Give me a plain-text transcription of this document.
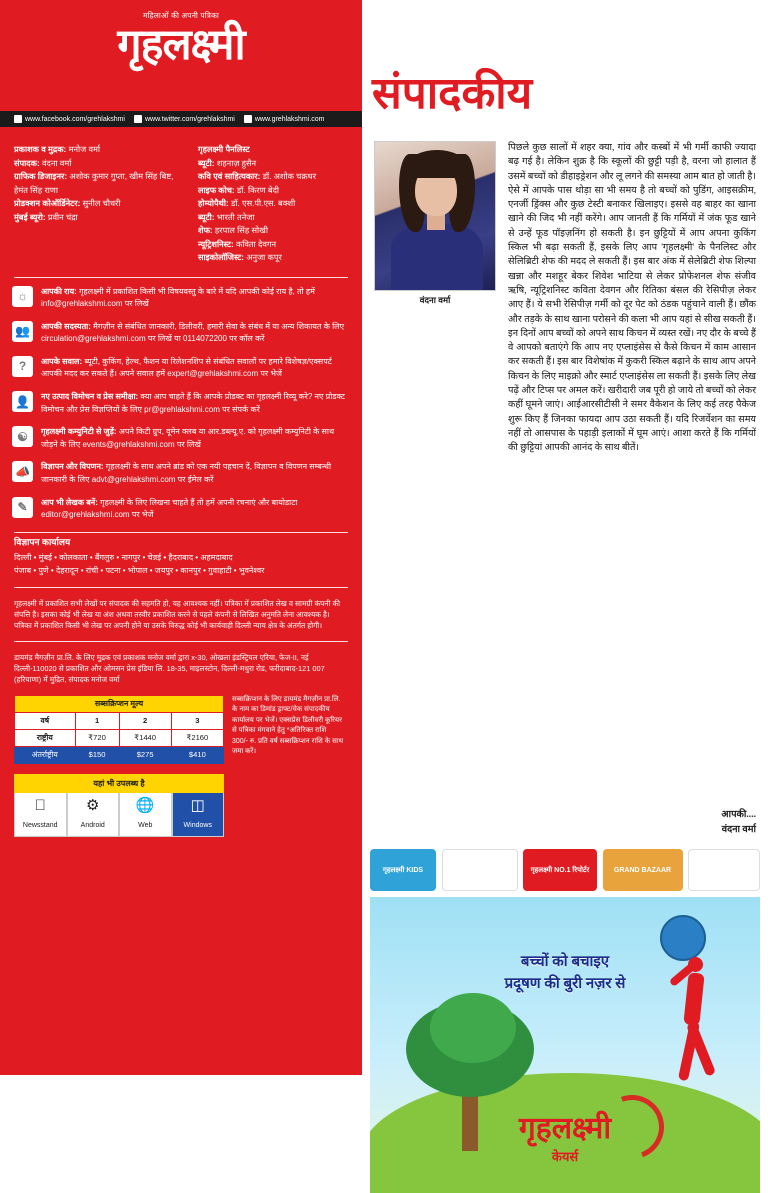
महिलाओं की अपनी पत्रिका
गृहलक्ष्मी
www.facebook.com/grehlakshmi	www.twitter.com/grehlakshmi	www.grehlakshmi.com
संपादकीय
प्रकाशक व मुद्रक: मनोज वर्मा
संपादक: वंदना वर्मा
ग्राफिक डिजाइनर: अशोक कुमार गुप्ता, खीम सिंह बिष्ट, हेमंत सिंह राणा
प्रोडक्शन कोऑर्डिनेटर: सुनील चौधरी
मुंबई ब्यूरो: प्रवीन चंद्रा
गृहलक्ष्मी पैनलिस्ट
ब्यूटी: शहनाज़ हुसैन
कवि एवं साहित्यकार: डॉ. अशोक चक्रधर
लाइफ कोच: डॉ. किरण बेदी
होम्योपैथी: डॉ. एस.पी.एस. बक्शी
ब्यूटी: भारती तनेजा
शेफ: हरपाल सिंह सोखी
न्यूट्रिशनिस्ट: कविता देवगन
साइकोलॉजिस्ट: अनुजा कपूर
☼	आपकी राय: गृहलक्ष्मी में प्रकाशित किसी भी विषयवस्तु के बारे में यदि आपकी कोई राय है, तो हमें info@grehlakshmi.com पर लिखें
👥	आपकी सदस्यता: मैगज़ीन से संबंधित जानकारी, डिलीवरी, हमारी सेवा के संबंध में या अन्य शिकायत के लिए circulation@grehlakshmi.com पर लिखें या 0114072200 पर कॉल करें
?	आपके सवाल: ब्यूटी, कुकिंग, हेल्थ, फैशन या रिलेशनशिप से संबंधित सवालों पर हमारे विशेषज्ञ/एक्सपर्ट आपकी मदद कर सकते हैं। अपने सवाल हमें expert@grehlakshmi.com पर भेजें
👤	नए उत्पाद विमोचन व प्रेस समीक्षा: क्या आप चाहते हैं कि आपके प्रोडक्ट का गृहलक्ष्मी रिव्यू करे? नए प्रोडक्ट विमोचन और प्रेस विज्ञप्तियों के लिए pr@grehlakshmi.com पर संपर्क करें
☯	गृहलक्ष्मी कम्युनिटी से जुड़ें: अपने किटी ग्रुप, वूमेन क्लब या आर.डब्ल्यू.ए. को गृहलक्ष्मी कम्युनिटी के साथ जोड़ने के लिए events@grehlakshmi.com पर लिखें
📣	विज्ञापन और विपणन: गृहलक्ष्मी के साथ अपने ब्रांड को एक नयी पहचान दें, विज्ञापन व विपणन सम्बन्धी जानकारी के लिए advt@grehlakshmi.com पर ईमेल करें
✎	आप भी लेखक बनें: गृहलक्ष्मी के लिए लिखना चाहते हैं तो हमें अपनी रचनाएं और बायोडाटा editor@grehlakshmi.com पर भेजें
विज्ञापन कार्यालय
दिल्ली • मुंबई • कोलकाता • बैंगलुरु • नागपुर • चेन्नई • हैदराबाद • अहमदाबाद
पंजाब • पुणे • देहरादून • रांची • पटना • भोपाल • जयपुर • कानपुर • गुवाहाटी • भुवनेश्वर
गृहलक्ष्मी में प्रकाशित सभी लेखों पर संपादक की सहमति हो, यह आवश्यक नहीं। पत्रिका में प्रकाशित लेख व सामग्री कंपनी की संपत्ति है। इसका कोई भी लेख या अंश अथवा तस्वीर प्रकाशित करने से पहले कंपनी से लिखित अनुमति लेना आवश्यक है। पत्रिका में प्रकाशित किसी भी लेख पर अपनी होने या उसके विरुद्ध कोई भी कार्यवाही दिल्ली न्याय क्षेत्र के अंतर्गत होगी।
डायमंड मैगज़ीन प्रा.लि. के लिए मुद्रक एवं प्रकाशक मनोज वर्मा द्वारा x-30, ओखला इंडस्ट्रियल एरिया, फेज-II, नई दिल्ली-110020 से प्रकाशित और ओमसन प्रेस इंडिया लि. 18-35, माइलस्टोन, दिल्ली-मथुरा रोड, फरीदाबाद-121 007 (हरियाणा) में मुद्रित, संपादक मनोज वर्मा
सब्सक्रिप्शन मूल्य			
वर्ष	1	2	3
राष्ट्रीय	₹720	₹1440	₹2160
अंतर्राष्ट्रीय	$150	$275	$410
सब्सक्रिप्शन के लिए डायमंड मैगज़ीन प्रा.लि. के नाम का डिमांड ड्राफ्ट/चेक संपादकीय कार्यालय पर भेजें। एक्सप्रेस डिलीवरी कूरियर से पत्रिका मंगवाने हेतु *अतिरिक्त राशि 300/- रु. प्रति वर्ष सब्सक्रिप्शन राशि के साथ जमा करें।
यहां भी उपलब्ध है
Newsstand	⚙
Android
🌐
Web
◫
Windows
वंदना वर्मा

पिछले कुछ सालों में शहर क्या, गांव और कस्बों में भी गर्मी काफी ज्यादा बढ़ गई है। लेकिन शुक्र है कि स्कूलों की छुट्टी पड़ी है, वरना जो हालात हैं उसमें बच्चों को डीहाइड्रेशन और लू लगने की समस्या आम बात हो जाती है। ऐसे में आपके पास थोड़ा सा भी समय है तो बच्चों को पुडिंग, आइसक्रीम, एनर्जी ड्रिंक्स और कुछ टेस्टी बनाकर खिलाइए। इससे वह बाहर का खाना खाने की जिद भी नहीं करेंगे। आप जानती हैं कि गर्मियों में जंक फूड खाने से उन्हें फूड पॉइज़निंग हो सकती है। इन छुट्टियों में आप अपना कुकिंग स्किल भी बढ़ा सकती हैं, इसके लिए आप 'गृहलक्ष्मी' के पैनलिस्ट और सेलिब्रिटी शेफ की मदद ले सकती हैं। इस बार अंक में सेलेब्रिटी शेफ शिल्पा खन्ना और मशहूर बेकर शिवेश भाटिया से लेकर प्रोफेशनल शेफ संजीव ऋषि, न्यूट्रिशनिस्ट कविता देवगन और रितिका बंसल की रेसिपीज़ लेकर आए हैं। ये सभी रेसिपीज़ गर्मी को दूर पेट को ठंडक पहुंचाने वाली हैं। छौंक और तड़के के साथ खाना परोसने की कला भी आप यहां से सीख सकती हैं। इन दिनों आप बच्चों को अपने साथ किचन में व्यस्त रखें। नए दौर के बच्चे हैं वे आपको बताएंगे कि आप नए एप्लाइंसेस से कैसे किचन में काम आसान कर सकती हैं। इस बार विशेषांक में कुकरी स्किल बढ़ाने के साथ आप अपने किचन के लिए माइक्रो और स्मार्ट एप्लाइंसेस ला सकती हैं। इसके लिए लेख पढ़ें और टिप्स पर अमल करें। खरीदारी जब पूरी हो जाये तो बच्चों को लेकर कहीं घूमने जाएं। आईआरसीटीसी ने समर वैकेशन के लिए कई तरह पैकेज शुरू किए हैं जिनका फायदा आप उठा सकती हैं। यदि रिजर्वेशन का समय नहीं तो आसपास के पहाड़ी इलाकों में घूम आएं। आशा करते हैं कि गर्मियों की छुट्टियां आपकी आनंद के साथ बीतें।

आपकी....
वंदना वर्मा
गृहलक्ष्मी KIDS	गृहलक्ष्मी	गृहलक्ष्मी NO.1 रिपोर्टर	GRAND BAZAAR	Chatori गृहलक्ष्मी
बच्चों को बचाइए
प्रदूषण की बुरी नज़र से
गृहलक्ष्मी
केयर्स
